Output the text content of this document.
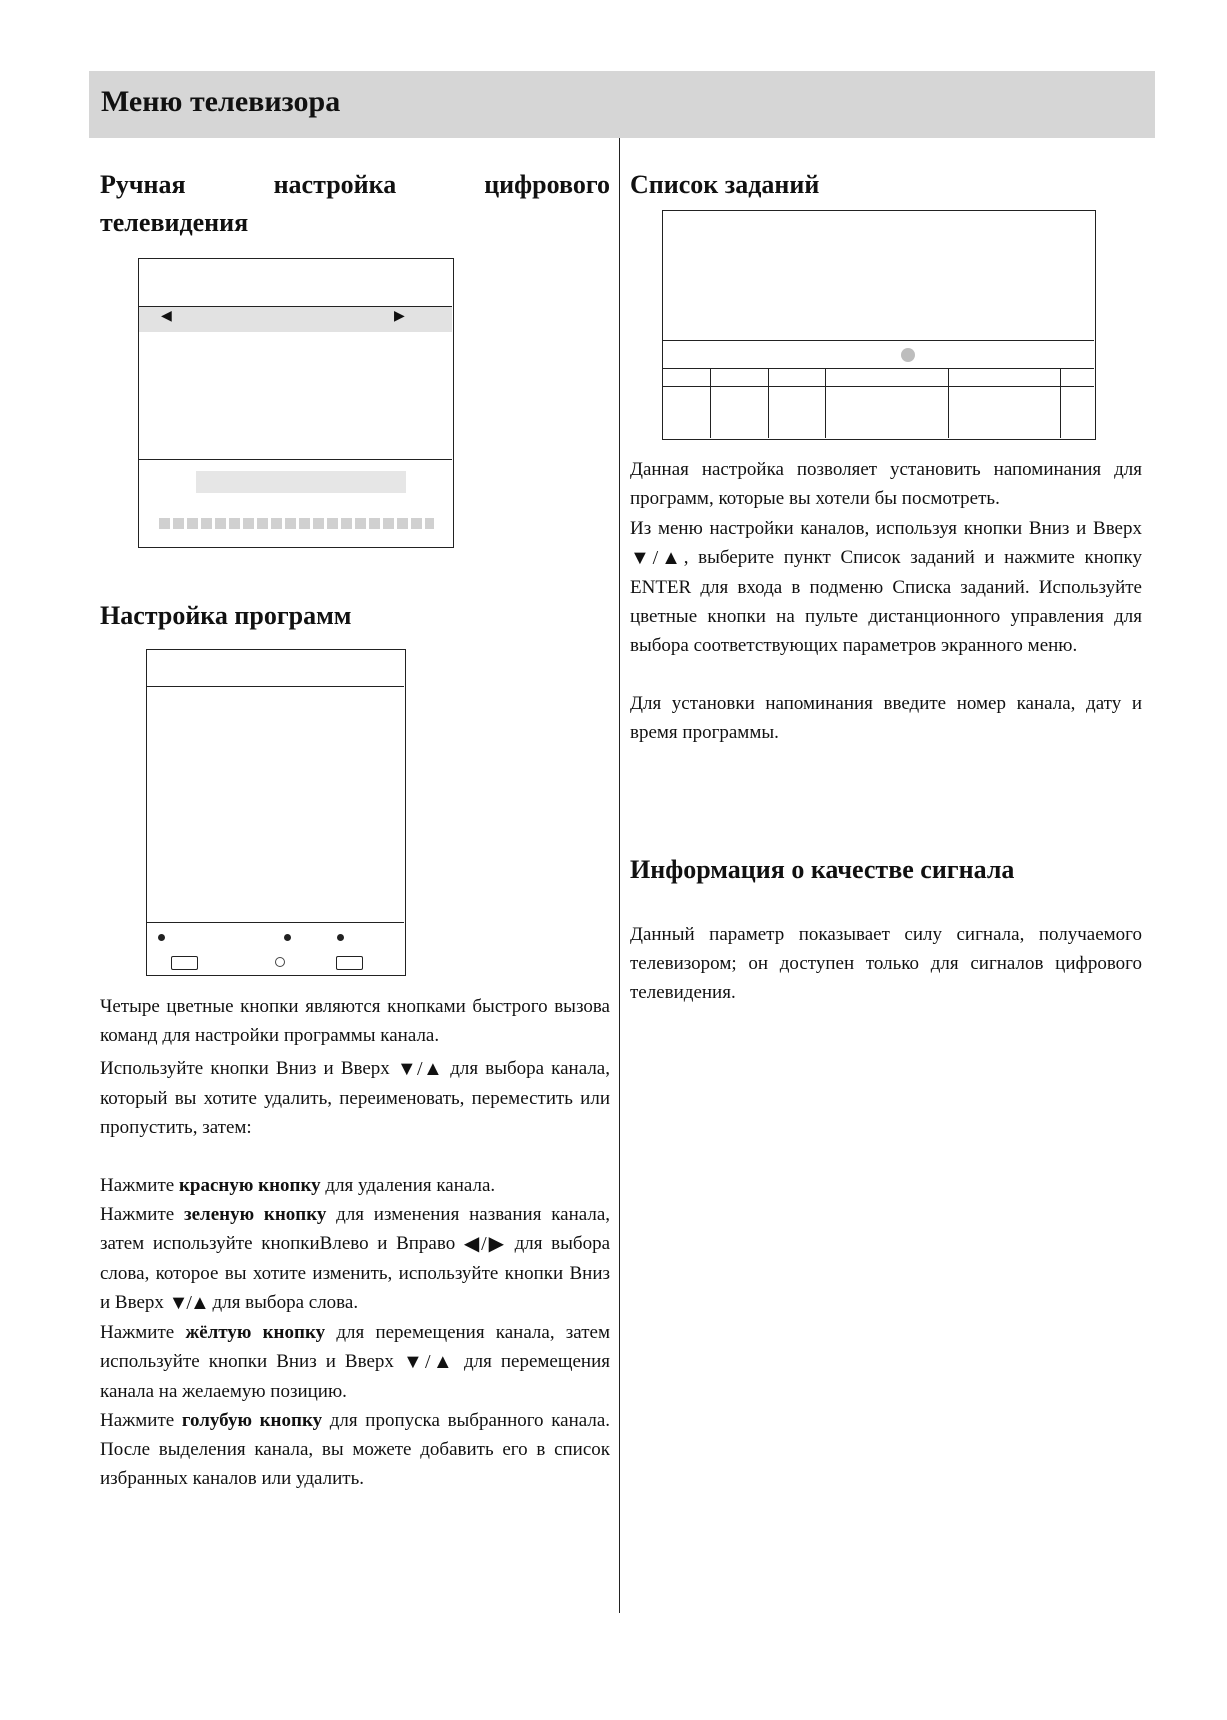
Меню телевизора
Ручная	настройка	цифрового
телевидения
◀	▶
Настройка программ

Четыре цветные кнопки являются кнопками быстрого вызова команд для настройки программы канала.

Используйте кнопки Вниз и Вверх ▼/▲ для выбора канала, который вы хотите удалить, переименовать, переместить или пропустить, затем:

Нажмите красную кнопку для удаления канала.

Нажмите зеленую кнопку для изменения названия канала, затем используйте кнопкиВлево и Вправо ◀/▶ для выбора слова, которое вы хотите изменить, используйте кнопки Вниз и Вверх ▼/▲ для выбора слова.

Нажмите жёлтую кнопку для перемещения канала, затем используйте кнопки Вниз и Вверх ▼/▲ для перемещения канала на желаемую позицию.

Нажмите голубую кнопку для пропуска выбранного канала. После выделения канала, вы можете добавить его в список избранных каналов или удалить.

Список заданий

Данная настройка позволяет установить напоминания для программ, которые вы хотели бы посмотреть.

Из меню настройки каналов, используя кнопки Вниз и Вверх ▼/▲, выберите пункт Список заданий и нажмите кнопку ENTER для входа в подменю Списка заданий. Используйте цветные кнопки на пульте дистанционного управления для выбора соответствующих параметров экранного меню.

Для установки напоминания введите номер канала, дату и время программы.

Информация о качестве сигнала

Данный параметр показывает силу сигнала, получаемого телевизором; он доступен только для сигналов цифрового телевидения.
